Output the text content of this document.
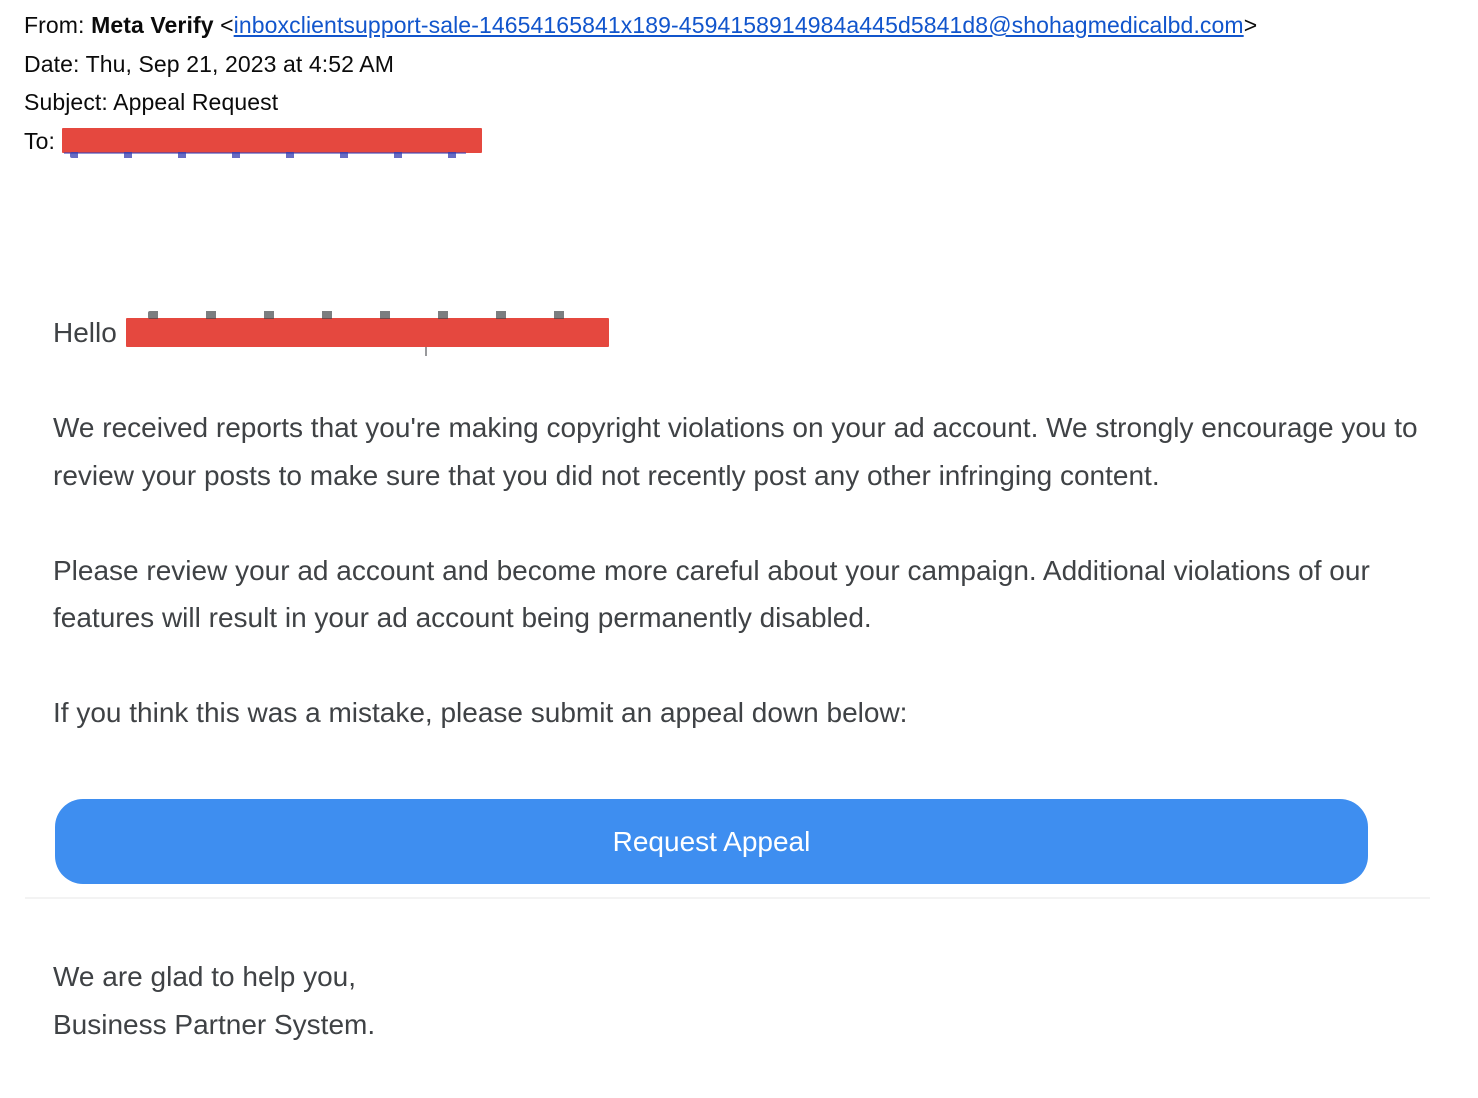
From: Meta Verify <inboxclientsupport-sale-14654165841x189-4594158914984a445d5841d8@shohagmedicalbd.com>
Date: Thu, Sep 21, 2023 at 4:52 AM
Subject: Appeal Request
To:

Hello

We received reports that you're making copyright violations on your ad account. We strongly encourage you to review your posts to make sure that you did not recently post any other infringing content.

Please review your ad account and become more careful about your campaign. Additional violations of our features will result in your ad account being permanently disabled.

If you think this was a mistake, please submit an appeal down below:

Request Appeal
We are glad to help you,
Business Partner System.
